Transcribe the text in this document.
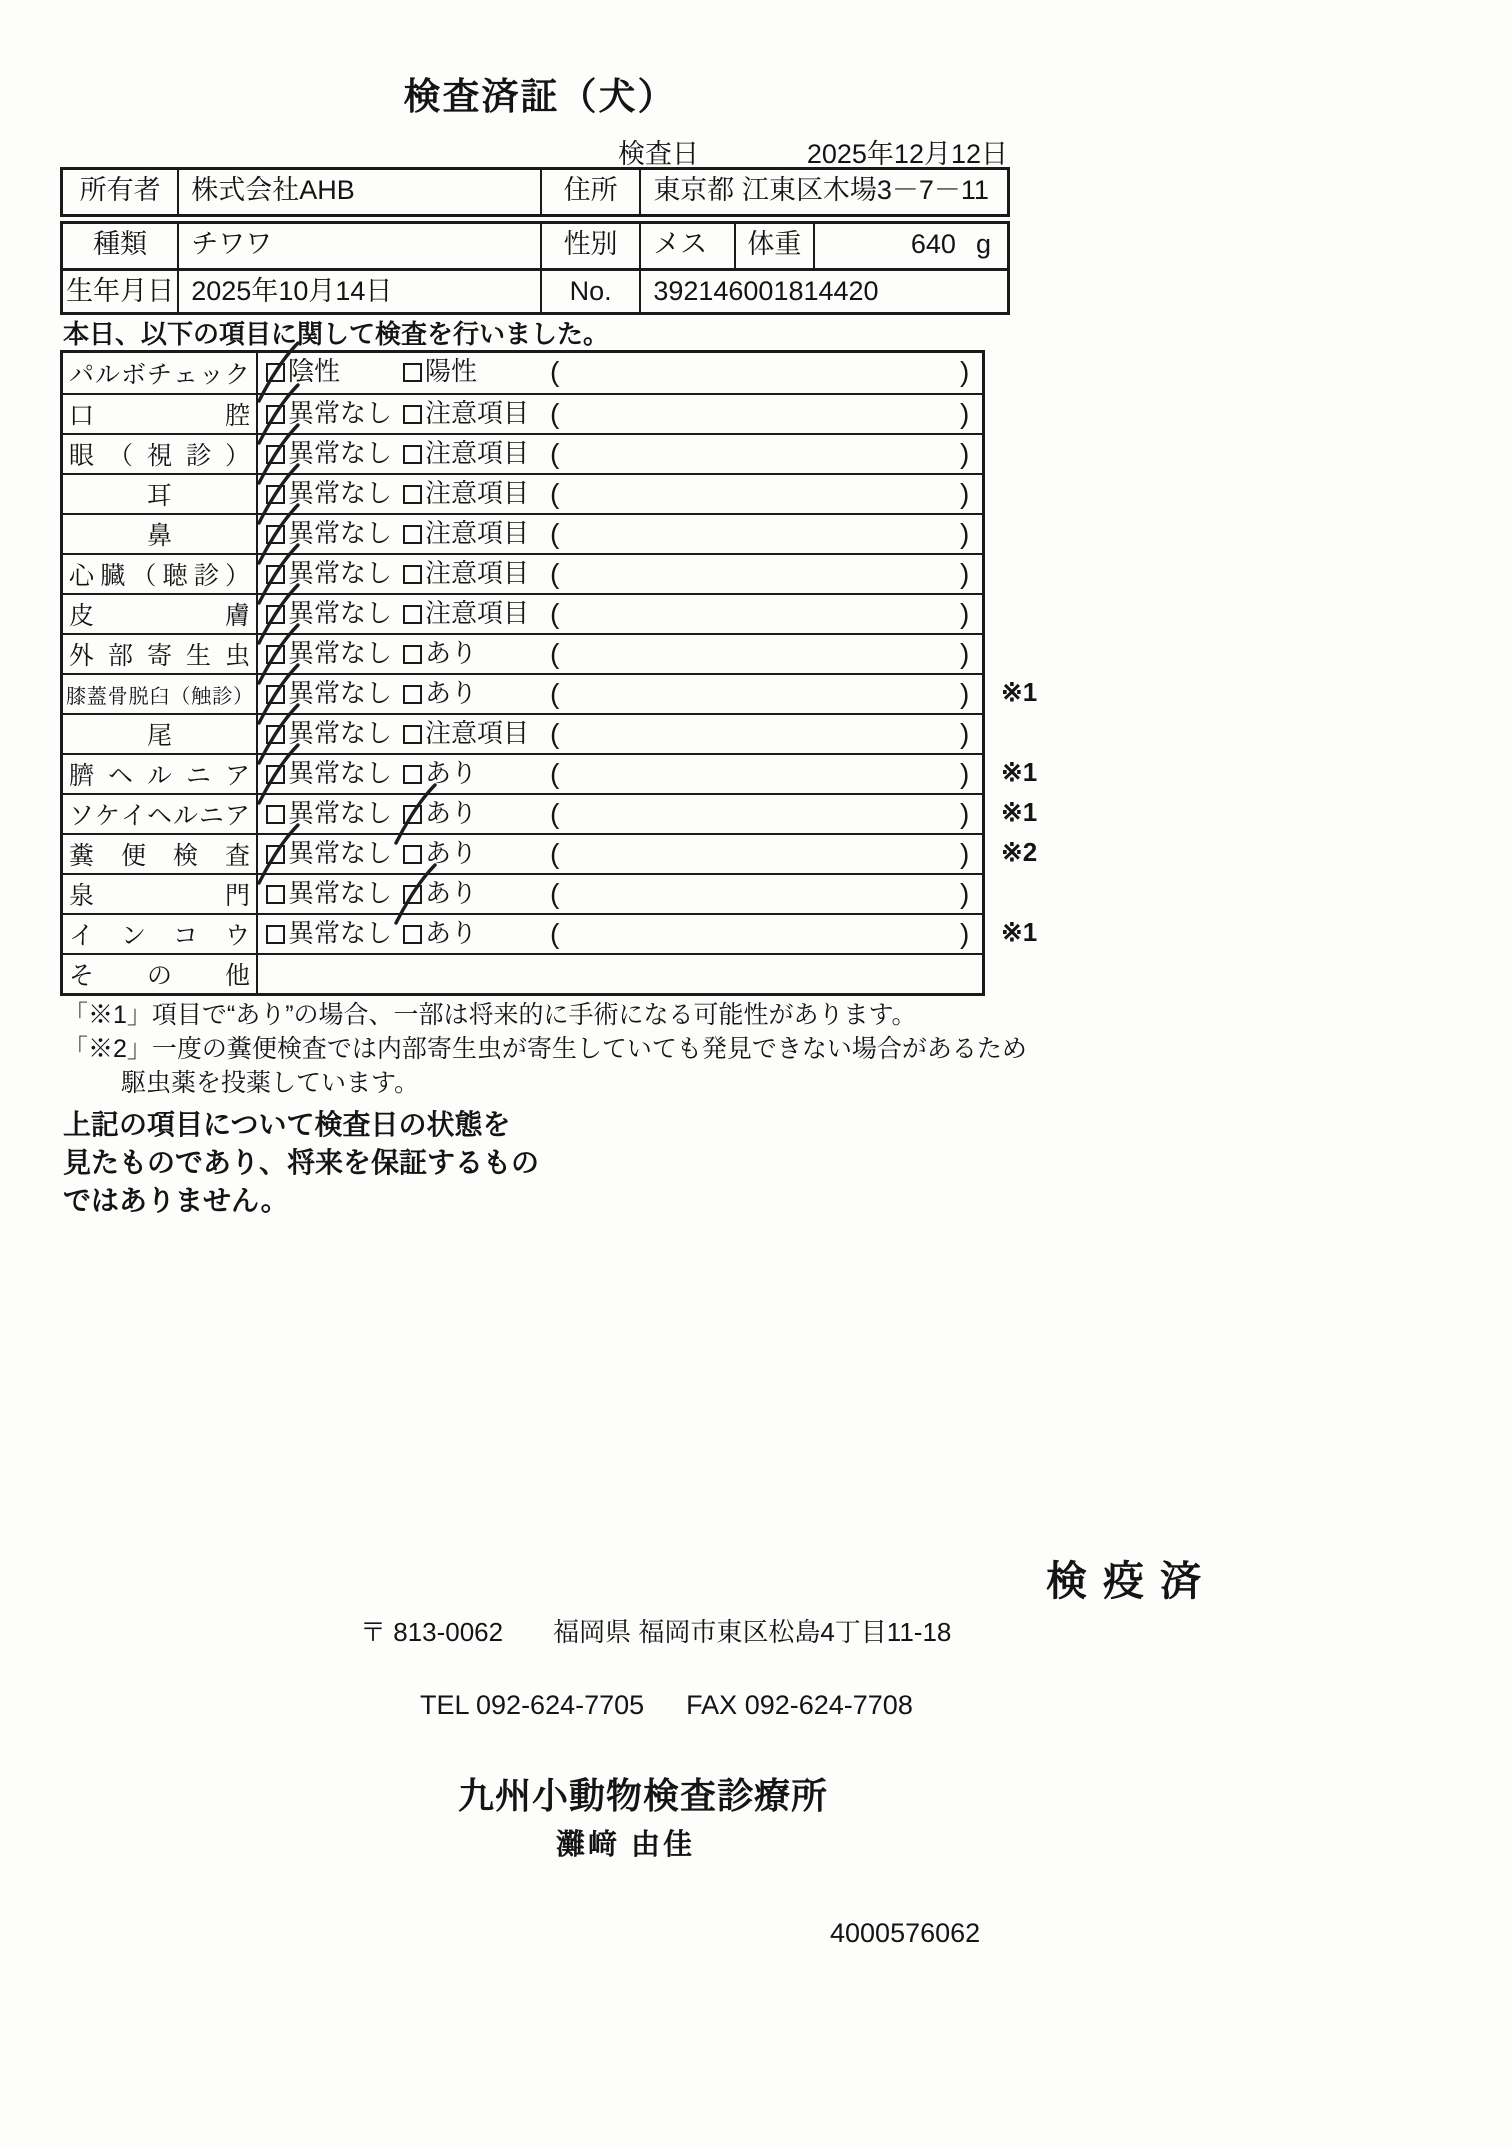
検査済証（犬）
検査日	2025年12月12日
所有者	株式会社AHB	住所	東京都 江東区木場3－7－11
種類	チワワ	性別	メス	体重	640 g
生年月日 2025年10月14日	No.	392146001814420
本日、以下の項目に関して検査を行いました。
パ ル ボ チ ェ ッ ク	陰性	陽性	(	)
口	腔	異常なし	注意項目 (	)
眼 （ 視 診 ）	異常なし	注意項目 (	)
耳	異常なし	注意項目 (	)
鼻	異常なし	注意項目 (	)
心 臓 （ 聴 診 ）	異常なし	注意項目 (	)
皮	膚	異常なし	注意項目 (	)
外 部 寄 生 虫	異常なし	あり	(	)
膝 蓋 骨 脱 臼 （ 触 診 ）	異常なし	あり	(	) ※1
尾	異常なし	注意項目 (	)
臍 ヘ ル ニ ア	異常なし	あり	(	) ※1
ソ ケ イ ヘ ル ニ ア	異常なし	あり	(	) ※1
糞 便 検 査	異常なし	あり	(	) ※2
泉	門	異常なし	あり	(	)
イ ン コ ウ	異常なし	あり	(	) ※1
そ の 他
「※1」項目で“あり”の場合、一部は将来的に手術になる可能性があります。
「※2」一度の糞便検査では内部寄生虫が寄生していても発見できない場合があるため
駆虫薬を投薬しています。
上記の項目について検査日の状態を
見たものであり、将来を保証するもの
ではありません。
検疫済
〒 813-0062 福岡県 福岡市東区松島4丁目11-18
TEL 092-624-7705 FAX 092-624-7708
九州小動物検査診療所
灘﨑 由佳
4000576062
